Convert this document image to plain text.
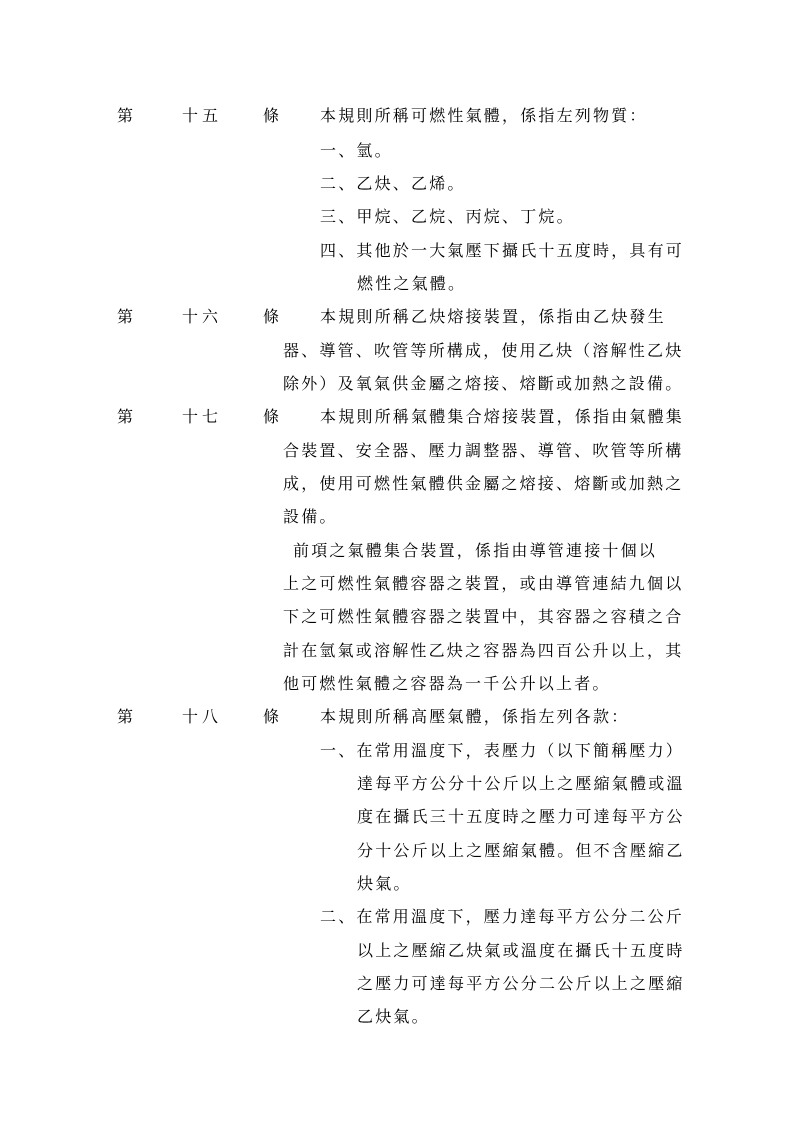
第	十五	條	本規則所稱可燃性氣體，係指左列物質：
一、氫。
二、乙炔、乙烯。
三、甲烷、乙烷、丙烷、丁烷。
四、其他於一大氣壓下攝氏十五度時，具有可
燃性之氣體。
第	十六	條	本規則所稱乙炔熔接裝置，係指由乙炔發生
器、導管、吹管等所構成，使用乙炔（溶解性乙炔
除外）及氧氣供金屬之熔接、熔斷或加熱之設備。
第	十七	條	本規則所稱氣體集合熔接裝置，係指由氣體集
合裝置、安全器、壓力調整器、導管、吹管等所構
成，使用可燃性氣體供金屬之熔接、熔斷或加熱之
設備。
前項之氣體集合裝置，係指由導管連接十個以
上之可燃性氣體容器之裝置，或由導管連結九個以
下之可燃性氣體容器之裝置中，其容器之容積之合
計在氫氣或溶解性乙炔之容器為四百公升以上，其
他可燃性氣體之容器為一千公升以上者。
第	十八	條	本規則所稱高壓氣體，係指左列各款：
一、在常用溫度下，表壓力（以下簡稱壓力）
達每平方公分十公斤以上之壓縮氣體或溫
度在攝氏三十五度時之壓力可達每平方公
分十公斤以上之壓縮氣體。但不含壓縮乙
炔氣。
二、在常用溫度下，壓力達每平方公分二公斤
以上之壓縮乙炔氣或溫度在攝氏十五度時
之壓力可達每平方公分二公斤以上之壓縮
乙炔氣。
